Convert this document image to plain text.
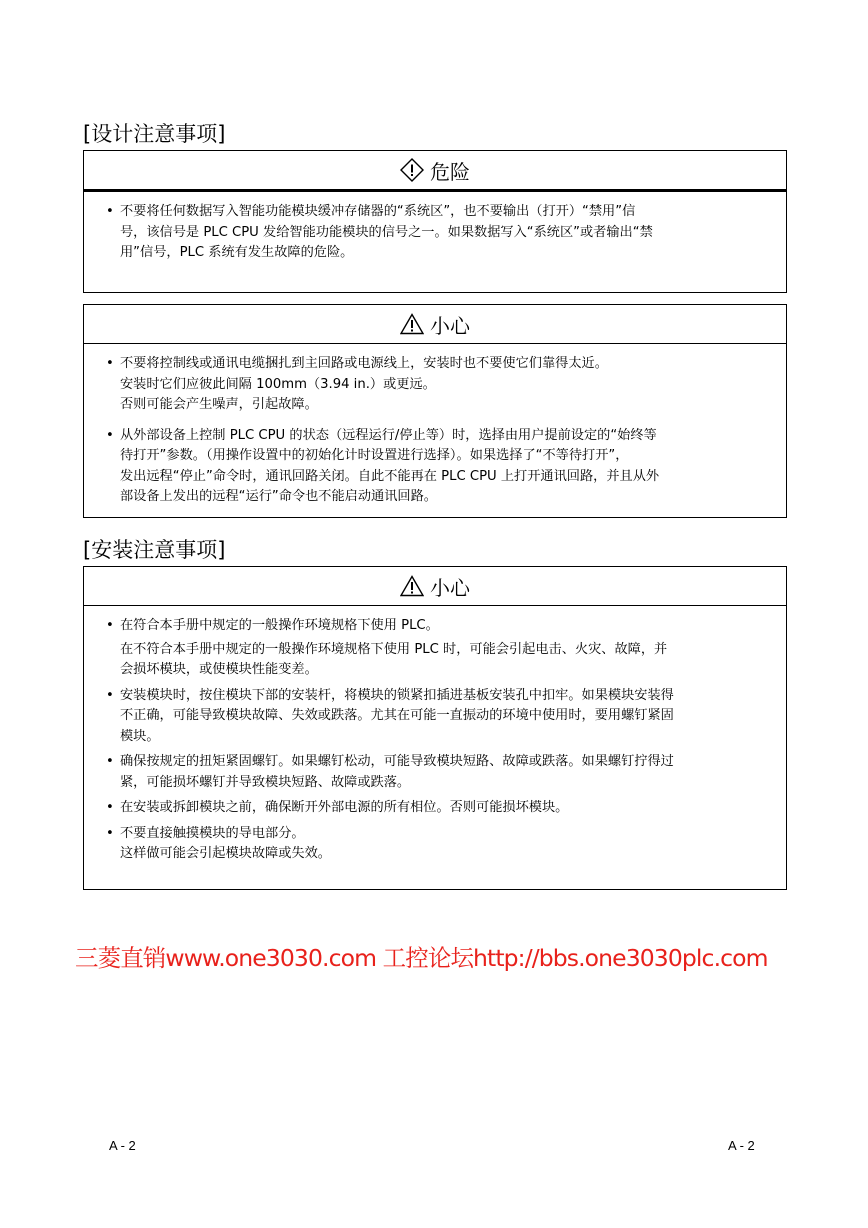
[设计注意事项]
危险
• 不要将任何数据写入智能功能模块缓冲存储器的“系统区”，也不要输出（打开）“禁用”信
号，该信号是 PLC CPU 发给智能功能模块的信号之一。如果数据写入“系统区”或者输出“禁
用”信号，PLC 系统有发生故障的危险。
小心
• 不要将控制线或通讯电缆捆扎到主回路或电源线上，安装时也不要使它们靠得太近。
安装时它们应彼此间隔 100mm（3.94 in.）或更远。
否则可能会产生噪声，引起故障。
• 从外部设备上控制 PLC CPU 的状态（远程运行/停止等）时，选择由用户提前设定的“始终等
待打开”参数。（用操作设置中的初始化计时设置进行选择）。如果选择了“不等待打开”，
发出远程“停止”命令时，通讯回路关闭。自此不能再在 PLC CPU 上打开通讯回路，并且从外
部设备上发出的远程“运行”命令也不能启动通讯回路。
[安装注意事项]
小心
• 在符合本手册中规定的一般操作环境规格下使用 PLC。
在不符合本手册中规定的一般操作环境规格下使用 PLC 时，可能会引起电击、火灾、故障，并
会损坏模块，或使模块性能变差。
• 安装模块时，按住模块下部的安装杆，将模块的锁紧扣插进基板安装孔中扣牢。如果模块安装得
不正确，可能导致模块故障、失效或跌落。尤其在可能一直振动的环境中使用时，要用螺钉紧固
模块。
• 确保按规定的扭矩紧固螺钉。如果螺钉松动，可能导致模块短路、故障或跌落。如果螺钉拧得过
紧，可能损坏螺钉并导致模块短路、故障或跌落。
• 在安装或拆卸模块之前，确保断开外部电源的所有相位。否则可能损坏模块。
• 不要直接触摸模块的导电部分。
这样做可能会引起模块故障或失效。
三菱直销www.one3030.com 工控论坛http://bbs.one3030plc.com
A - 2	A - 2
